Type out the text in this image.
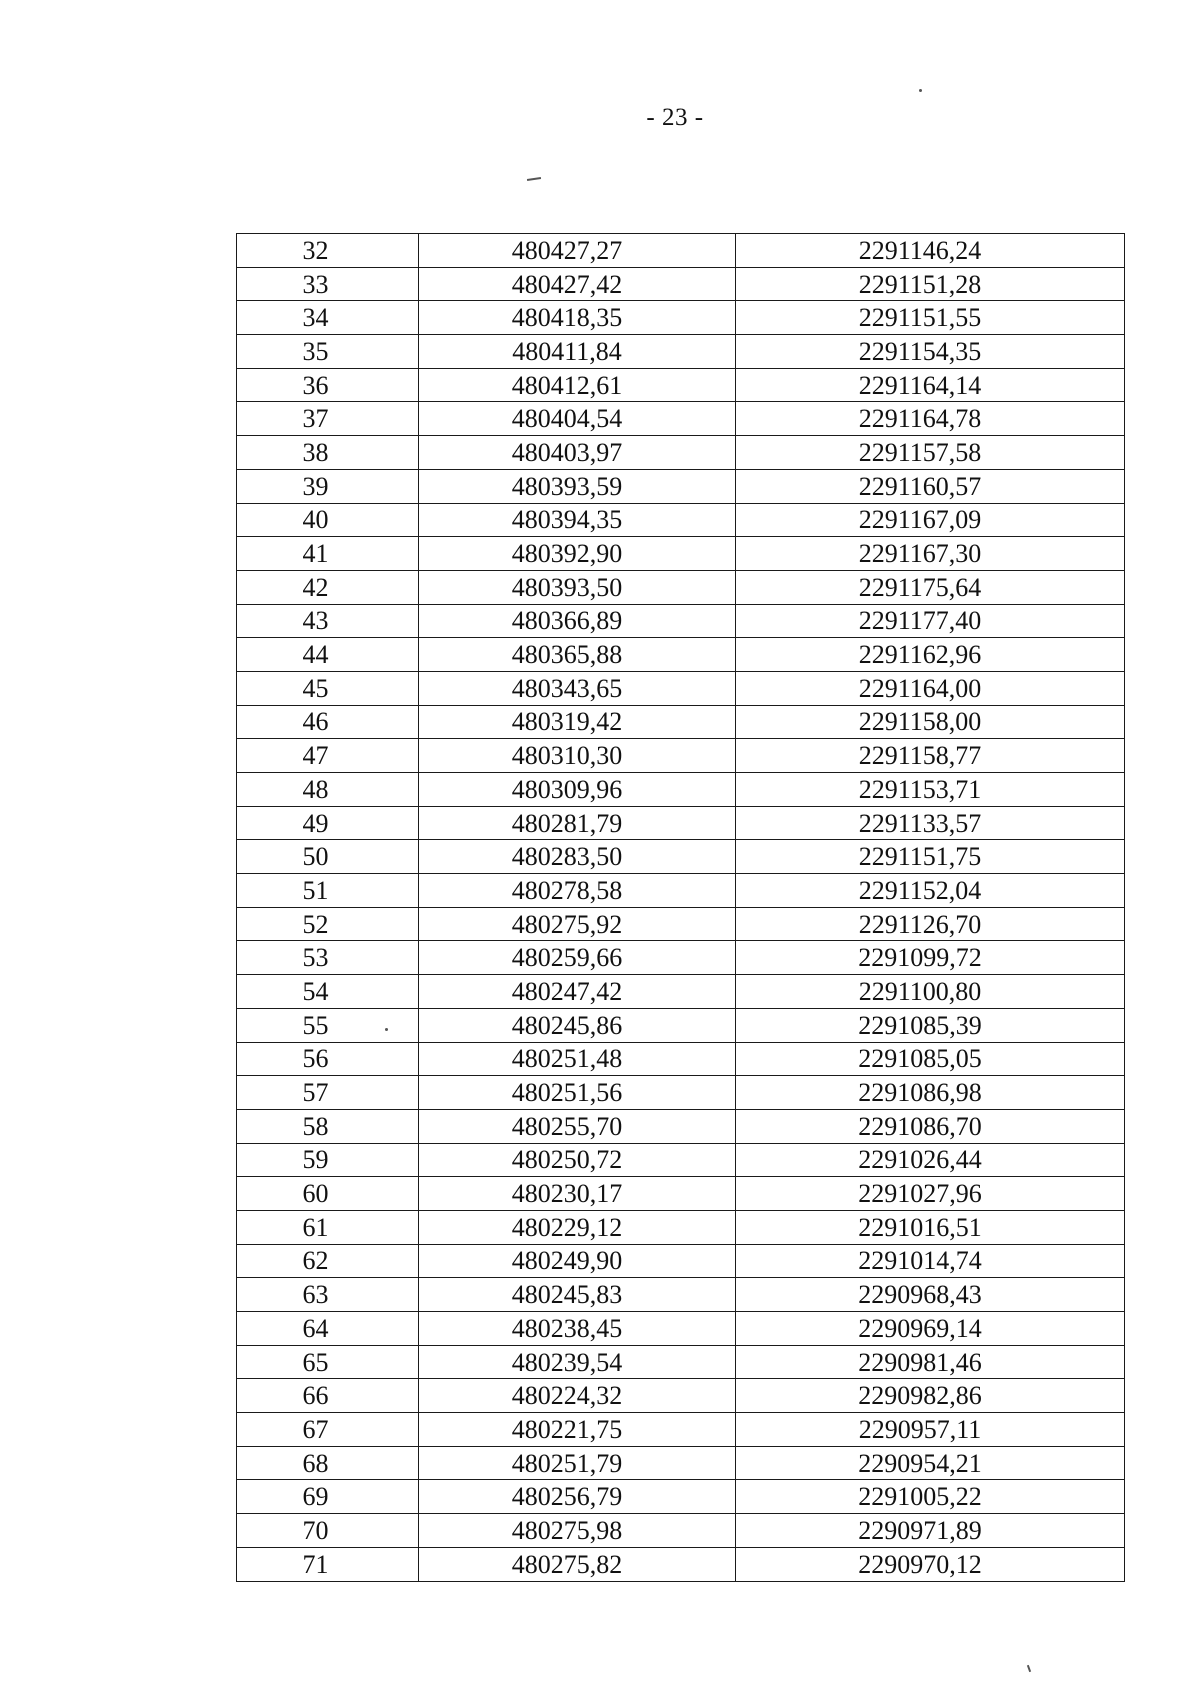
- 23 -
32	480427,27	2291146,24
33	480427,42	2291151,28
34	480418,35	2291151,55
35	480411,84	2291154,35
36	480412,61	2291164,14
37	480404,54	2291164,78
38	480403,97	2291157,58
39	480393,59	2291160,57
40	480394,35	2291167,09
41	480392,90	2291167,30
42	480393,50	2291175,64
43	480366,89	2291177,40
44	480365,88	2291162,96
45	480343,65	2291164,00
46	480319,42	2291158,00
47	480310,30	2291158,77
48	480309,96	2291153,71
49	480281,79	2291133,57
50	480283,50	2291151,75
51	480278,58	2291152,04
52	480275,92	2291126,70
53	480259,66	2291099,72
54	480247,42	2291100,80
55	480245,86	2291085,39
56	480251,48	2291085,05
57	480251,56	2291086,98
58	480255,70	2291086,70
59	480250,72	2291026,44
60	480230,17	2291027,96
61	480229,12	2291016,51
62	480249,90	2291014,74
63	480245,83	2290968,43
64	480238,45	2290969,14
65	480239,54	2290981,46
66	480224,32	2290982,86
67	480221,75	2290957,11
68	480251,79	2290954,21
69	480256,79	2291005,22
70	480275,98	2290971,89
71	480275,82	2290970,12
